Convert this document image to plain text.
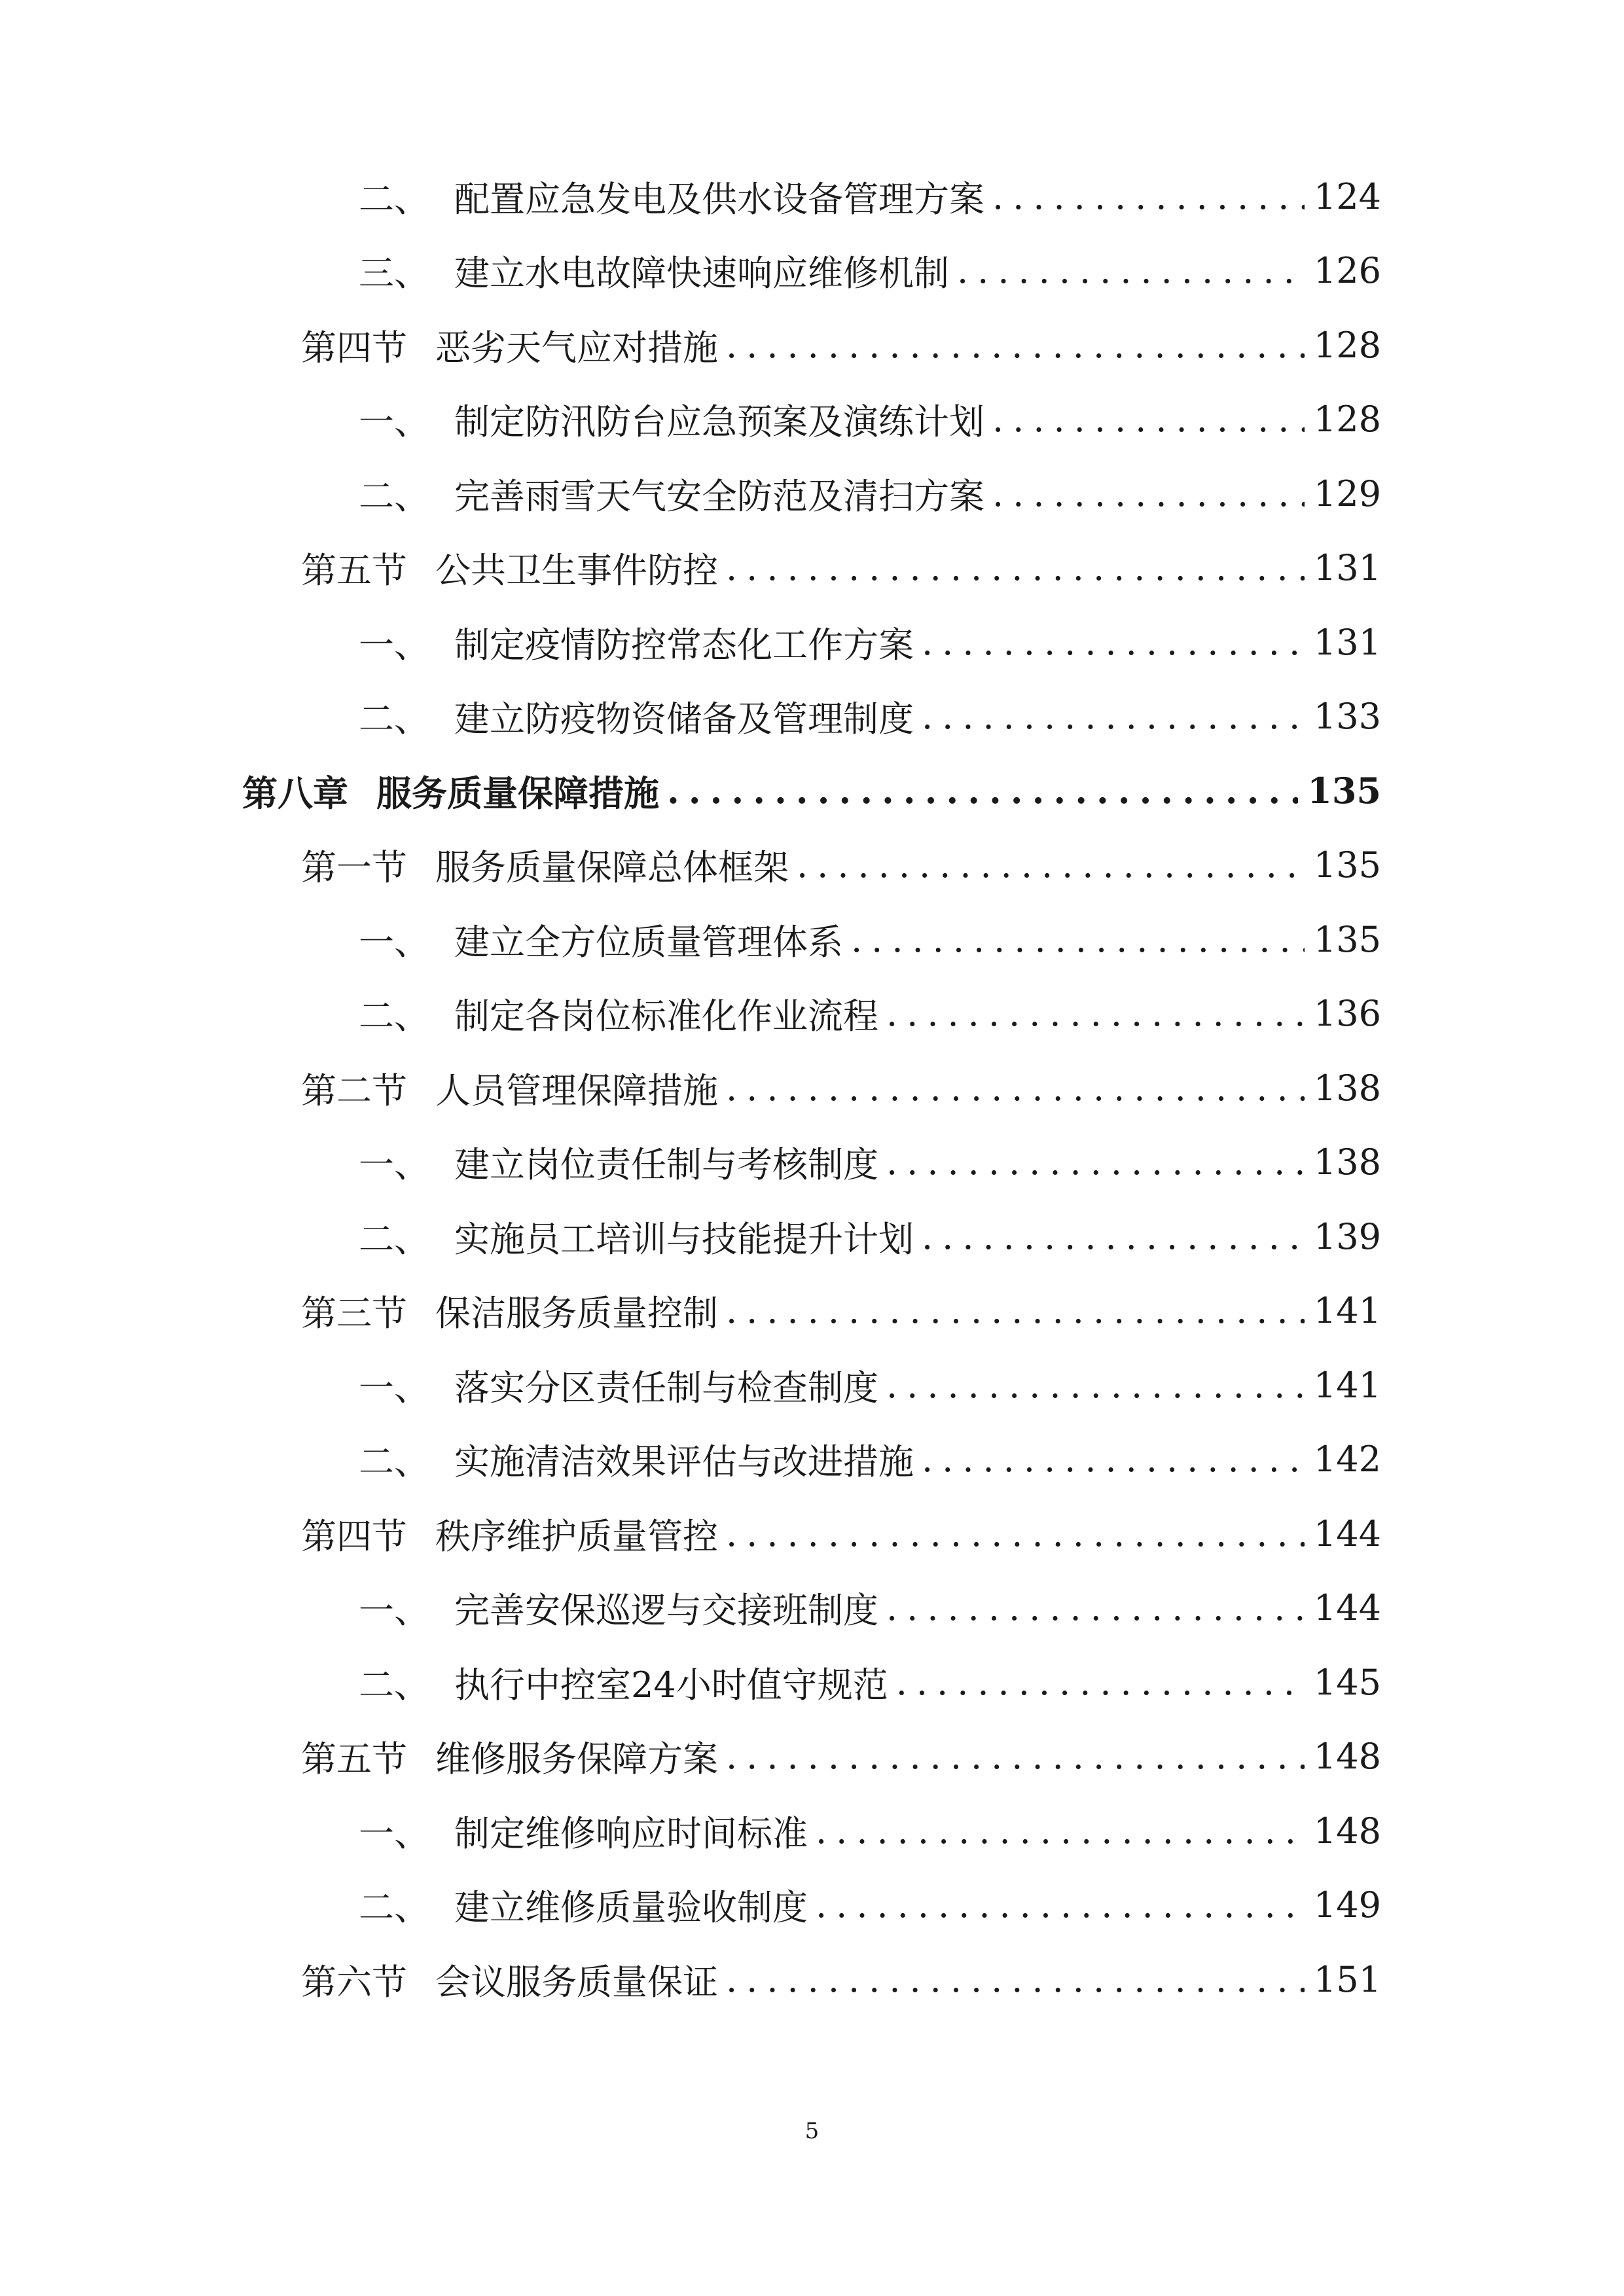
二、 配置应急发电及供水设备管理方案 .....	124
三、 建立水电故障快速响应维修机制 .....	126
第四节 恶劣天气应对措施 .....	128
一、 制定防汛防台应急预案及演练计划 .....	128
二、 完善雨雪天气安全防范及清扫方案 .....	129
第五节 公共卫生事件防控 .....	131
一、 制定疫情防控常态化工作方案 .....	131
二、 建立防疫物资储备及管理制度 .....	133
第八章 服务质量保障措施 .....	135
第一节 服务质量保障总体框架 .....	135
一、 建立全方位质量管理体系 .....	135
二、 制定各岗位标准化作业流程 .....	136
第二节 人员管理保障措施 .....	138
一、 建立岗位责任制与考核制度 .....	138
二、 实施员工培训与技能提升计划 .....	139
第三节 保洁服务质量控制 .....	141
一、 落实分区责任制与检查制度 .....	141
二、 实施清洁效果评估与改进措施 .....	142
第四节 秩序维护质量管控 .....	144
一、 完善安保巡逻与交接班制度 .....	144
二、 执行中控室24小时值守规范 .....	145
第五节 维修服务保障方案 .....	148
一、 制定维修响应时间标准 .....	148
二、 建立维修质量验收制度 .....	149
第六节 会议服务质量保证 .....	151
5
